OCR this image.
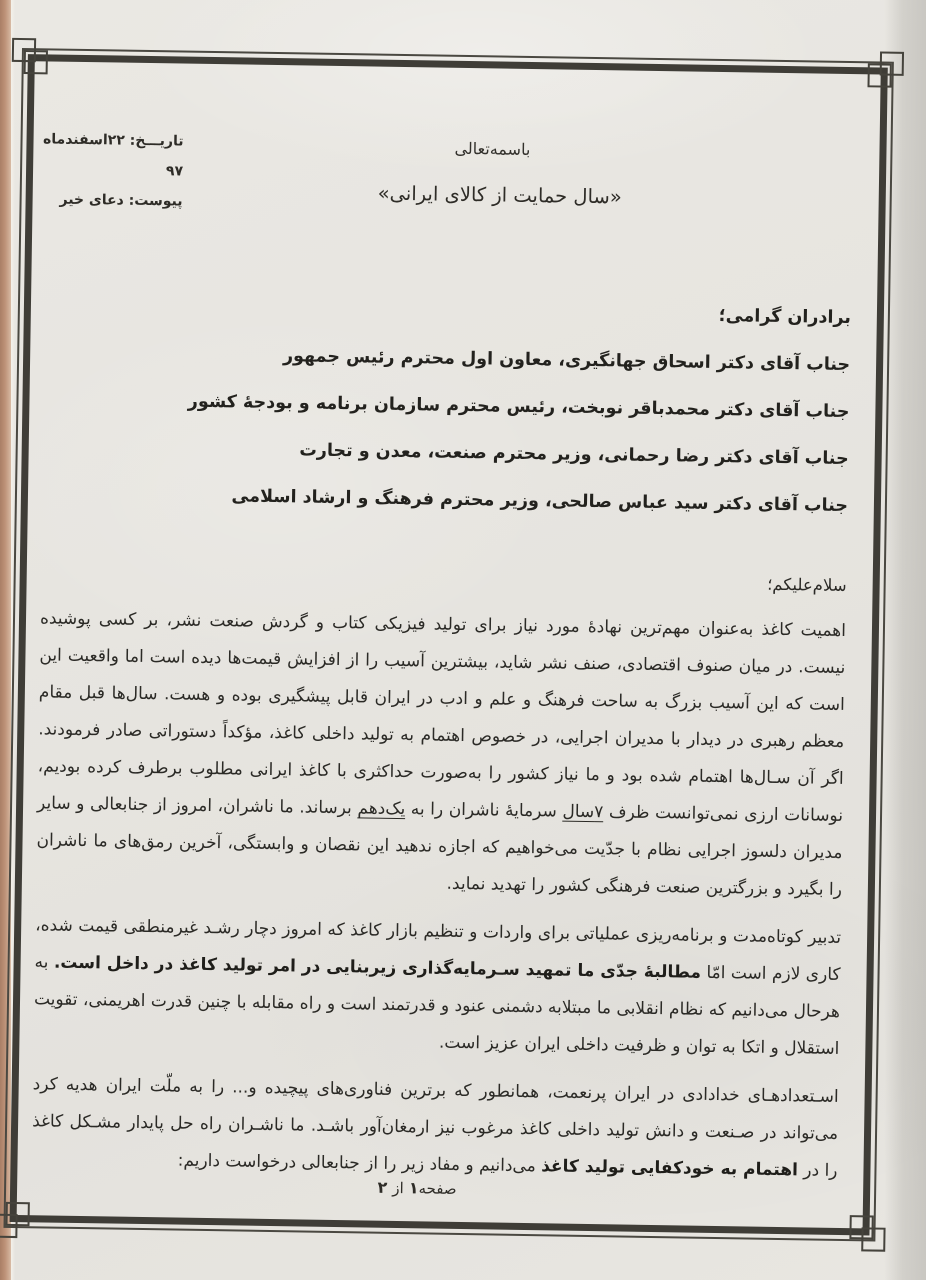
باسمه‌تعالی
«سال حمایت از کالای ایرانی»
تاریـــخ: ۲۲اسفندماه ۹۷
پیوست: دعای خیر
برادران گرامی؛
جناب آقای دکتر اسحاق جهانگیری، معاون اول محترم رئیس جمهور
جناب آقای دکتر محمدباقر نوبخت، رئیس محترم سازمان برنامه و بودجهٔ کشور
جناب آقای دکتر رضا رحمانی، وزیر محترم صنعت، معدن و تجارت
جناب آقای دکتر سید عباس صالحی، وزیر محترم فرهنگ و ارشاد اسلامی
سلام‌علیکم؛

اهمیت کاغذ به‌عنوان مهم‌ترین نهادهٔ مورد نیاز برای تولید فیزیکی کتاب و گردش صنعت نشر، بر کسی پوشیده نیست. در میان صنوف اقتصادی، صنف نشر شاید، بیشترین آسیب را از افزایش قیمت‌ها دیده است اما واقعیت این است که این آسیب بزرگ به ساحت فرهنگ و علم و ادب در ایران قابل پیشگیری بوده و هست. سال‌ها قبل مقام معظم رهبری در دیدار با مدیران اجرایی، در خصوص اهتمام به تولید داخلی کاغذ، مؤکداً دستوراتی صادر فرمودند. اگر آن سـال‌ها اهتمام شده بود و ما نیاز کشور را به‌صورت حداکثری با کاغذ ایرانی مطلوب برطرف کرده بودیم، نوسانات ارزی نمی‌توانست ظرف ۷سال سرمایهٔ ناشران را به یک‌دهم برساند. ما ناشران، امروز از جنابعالی و سایر مدیران دلسوز اجرایی نظام با جدّیت می‌خواهیم که اجازه ندهید این نقصان و وابستگی، آخرین رمق‌های ما ناشران را بگیرد و بزرگترین صنعت فرهنگی کشور را تهدید نماید.

تدبیر کوتاه‌مدت و برنامه‌ریزی عملیاتی برای واردات و تنظیم بازار کاغذ که امروز دچار رشـد غیرمنطقی قیمت شده، کاری لازم است امّا مطالبهٔ جدّی ما تمهید سـرمایه‌گذاری زیربنایی در امر تولید کاغذ در داخل است. به هرحال می‌دانیم که نظام انقلابی ما مبتلابه دشمنی عنود و قدرتمند است و راه مقابله با چنین قدرت اهریمنی، تقویت استقلال و اتکا به توان و ظرفیت داخلی ایران عزیز است.

اسـتعدادهـای خدادادی در ایران پرنعمت، همانطور که برترین فناوری‌های پیچیده و... را به ملّت ایران هدیه کرد می‌تواند در صـنعت و دانش تولید داخلی کاغذ مرغوب نیز ارمغان‌آور باشـد. ما ناشـران راه حل پایدار مشـکل کاغذ را در اهتمام به خودکفایی تولید کاغذ می‌دانیم و مفاد زیر را از جنابعالی درخواست داریم:

صفحه۱از۲
